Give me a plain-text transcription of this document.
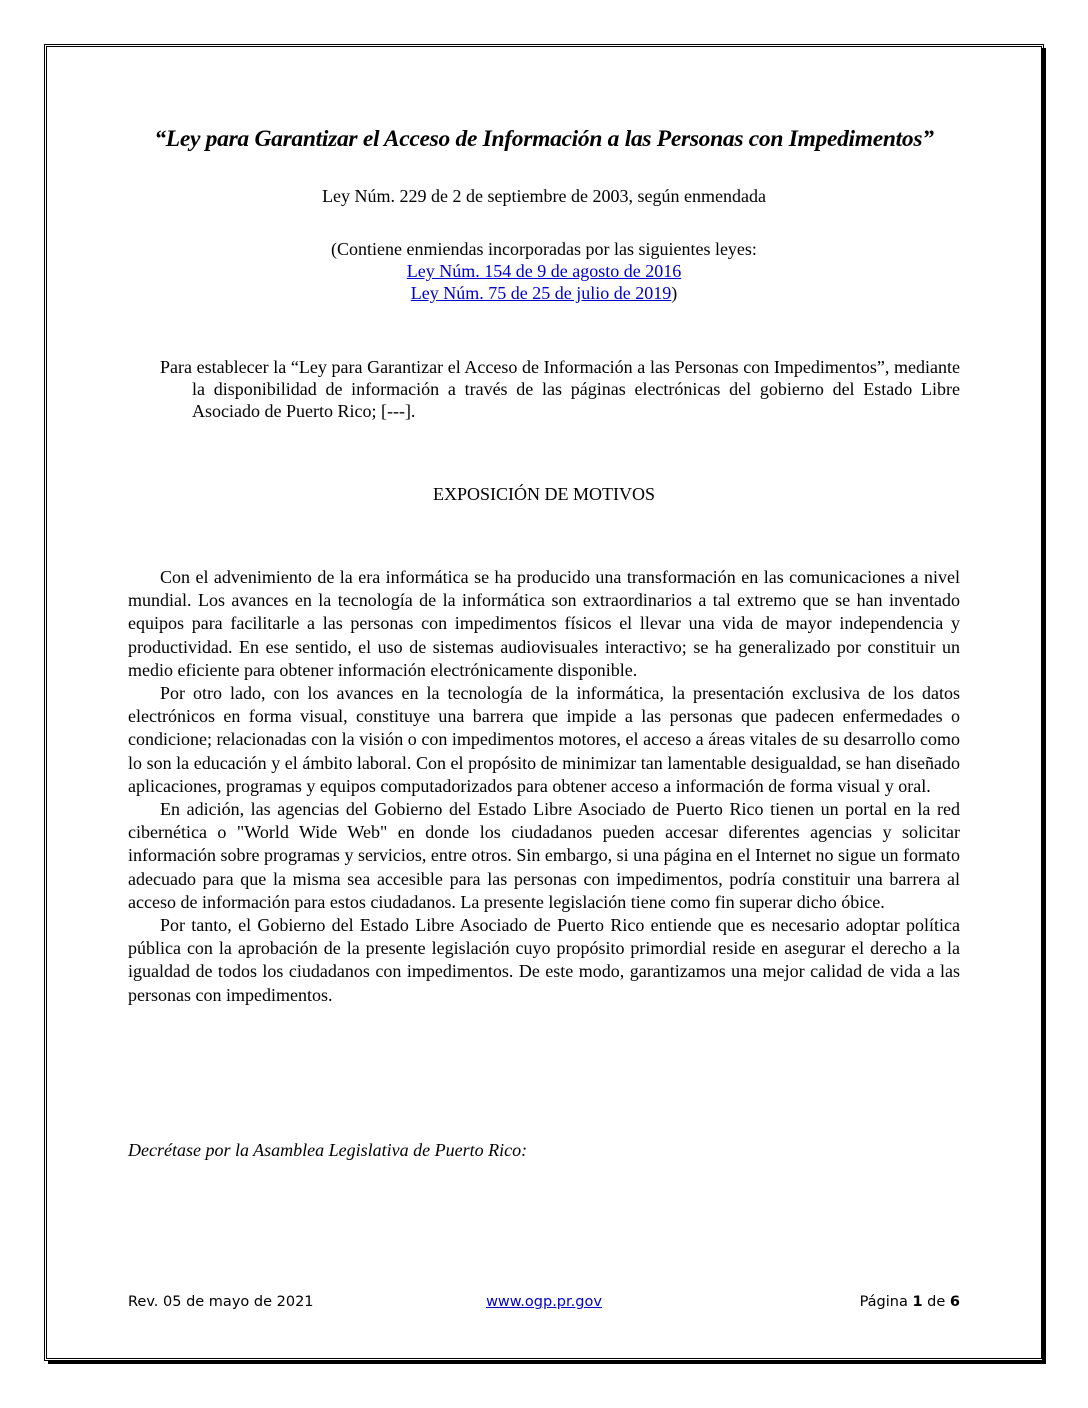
“Ley para Garantizar el Acceso de Información a las Personas con Impedimentos”
Ley Núm. 229 de 2 de septiembre de 2003, según enmendada
(Contiene enmiendas incorporadas por las siguientes leyes:
Ley Núm. 154 de 9 de agosto de 2016
Ley Núm. 75 de 25 de julio de 2019)
Para establecer la “Ley para Garantizar el Acceso de Información a las Personas con Impedimentos”, mediante la disponibilidad de información a través de las páginas electrónicas del gobierno del Estado Libre Asociado de Puerto Rico; [---].
EXPOSICIÓN DE MOTIVOS

Con el advenimiento de la era informática se ha producido una transformación en las comunicaciones a nivel mundial. Los avances en la tecnología de la informática son extraordinarios a tal extremo que se han inventado equipos para facilitarle a las personas con impedimentos físicos el llevar una vida de mayor independencia y productividad. En ese sentido, el uso de sistemas audiovisuales interactivo; se ha generalizado por constituir un medio eficiente para obtener información electrónicamente disponible.

Por otro lado, con los avances en la tecnología de la informática, la presentación exclusiva de los datos electrónicos en forma visual, constituye una barrera que impide a las personas que padecen enfermedades o condicione; relacionadas con la visión o con impedimentos motores, el acceso a áreas vitales de su desarrollo como lo son la educación y el ámbito laboral. Con el propósito de minimizar tan lamentable desigualdad, se han diseñado aplicaciones, programas y equipos computadorizados para obtener acceso a información de forma visual y oral.

En adición, las agencias del Gobierno del Estado Libre Asociado de Puerto Rico tienen un portal en la red cibernética o "World Wide Web" en donde los ciudadanos pueden accesar diferentes agencias y solicitar información sobre programas y servicios, entre otros. Sin embargo, si una página en el Internet no sigue un formato adecuado para que la misma sea accesible para las personas con impedimentos, podría constituir una barrera al acceso de información para estos ciudadanos. La presente legislación tiene como fin superar dicho óbice.

Por tanto, el Gobierno del Estado Libre Asociado de Puerto Rico entiende que es necesario adoptar política pública con la aprobación de la presente legislación cuyo propósito primordial reside en asegurar el derecho a la igualdad de todos los ciudadanos con impedimentos. De este modo, garantizamos una mejor calidad de vida a las personas con impedimentos.

Decrétase por la Asamblea Legislativa de Puerto Rico:
Rev. 05 de mayo de 2021	www.ogp.pr.gov	Página 1 de 6
